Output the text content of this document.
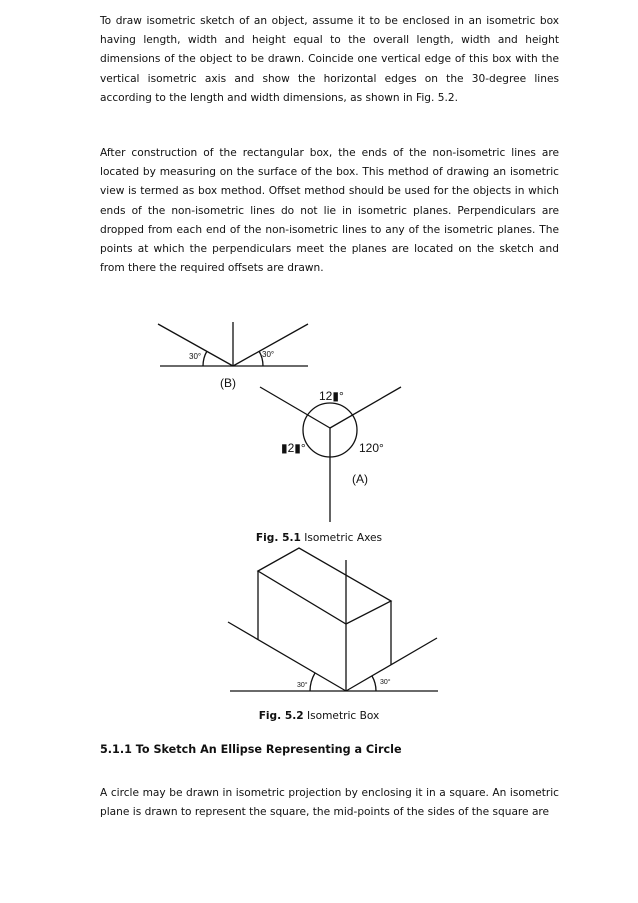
To draw isometric sketch of an object, assume it to be enclosed in an isometric box having length, width and height equal to the overall length, width and height dimensions of the object to be drawn. Coincide one vertical edge of this box with the vertical isometric axis and show the horizontal edges on the 30-degree lines according to the length and width dimensions, as shown in Fig. 5.2.

After construction of the rectangular box, the ends of the non-isometric lines are located by measuring on the surface of the box. This method of drawing an isometric view is termed as box method. Offset method should be used for the objects in which ends of the non-isometric lines do not lie in isometric planes. Perpendiculars are dropped from each end of the non-isometric lines to any of the isometric planes. The points at which the perpendiculars meet the planes are located on the sketch and from there the required offsets are drawn.

30°	30°
(B)
12▮°
▮2▮°	120°
(A)
30°	30°

Fig. 5.1 Isometric Axes

Fig. 5.2 Isometric Box

5.1.1 To Sketch An Ellipse Representing a Circle

A circle may be drawn in isometric projection by enclosing it in a square. An isometric plane is drawn to represent the square, the mid-points of the sides of the square are
